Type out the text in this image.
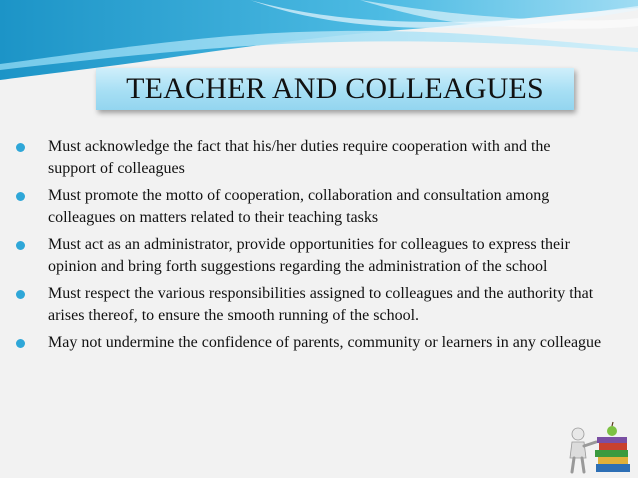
TEACHER AND COLLEAGUES
Must acknowledge the fact that his/her duties require cooperation with and the support of colleagues
Must promote the motto of cooperation, collaboration and consultation among colleagues on matters related to their teaching tasks
Must act as an administrator, provide opportunities for colleagues to express their opinion and bring forth suggestions regarding the administration of the school
Must respect the various responsibilities assigned to colleagues and the authority that arises thereof, to ensure the smooth running of the school.
May not undermine the confidence of parents, community or learners in any colleague
